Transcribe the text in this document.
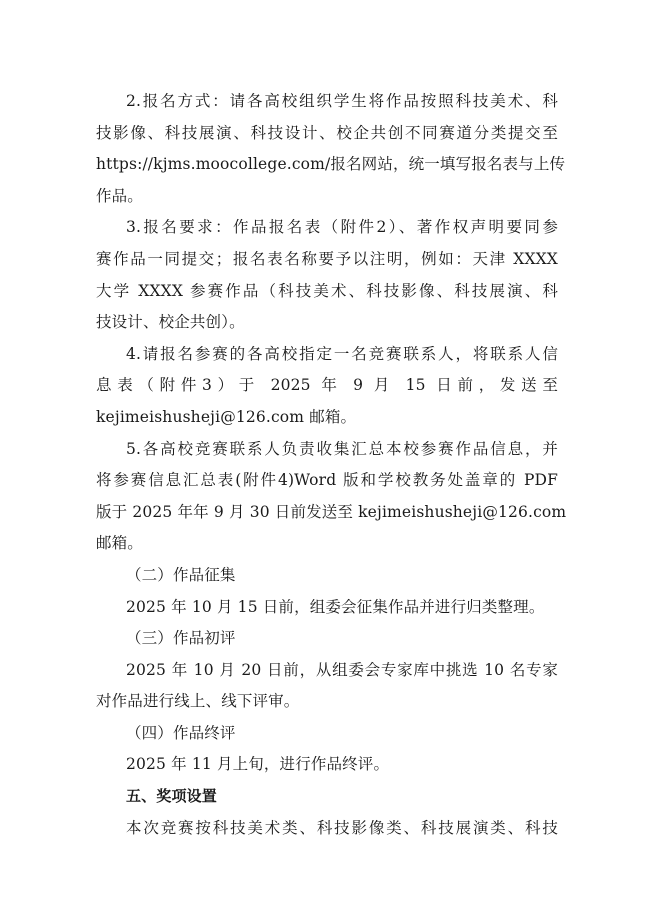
2.报名方式：请各高校组织学生将作品按照科技美术、科
技影像、科技展演、科技设计、校企共创不同赛道分类提交至
https://kjms.moocollege.com/报名网站，统一填写报名表与上传
作品。
3.报名要求：作品报名表（附件2）、著作权声明要同参
赛作品一同提交；报名表名称要予以注明，例如：天津 XXXX
大学 XXXX 参赛作品（科技美术、科技影像、科技展演、科
技设计、校企共创）。
4.请报名参赛的各高校指定一名竞赛联系人，将联系人信
息表（附件3）于 2025 年 9 月 15 日前，发送至
kejimeishusheji@126.com 邮箱。
5.各高校竞赛联系人负责收集汇总本校参赛作品信息，并
将参赛信息汇总表(附件4)Word 版和学校教务处盖章的 PDF
版于 2025 年年 9 月 30 日前发送至 kejimeishusheji@126.com
邮箱。
（二）作品征集
2025 年 10 月 15 日前，组委会征集作品并进行归类整理。
（三）作品初评
2025 年 10 月 20 日前，从组委会专家库中挑选 10 名专家
对作品进行线上、线下评审。
（四）作品终评
2025 年 11 月上旬，进行作品终评。
五、奖项设置
本次竞赛按科技美术类、科技影像类、科技展演类、科技
